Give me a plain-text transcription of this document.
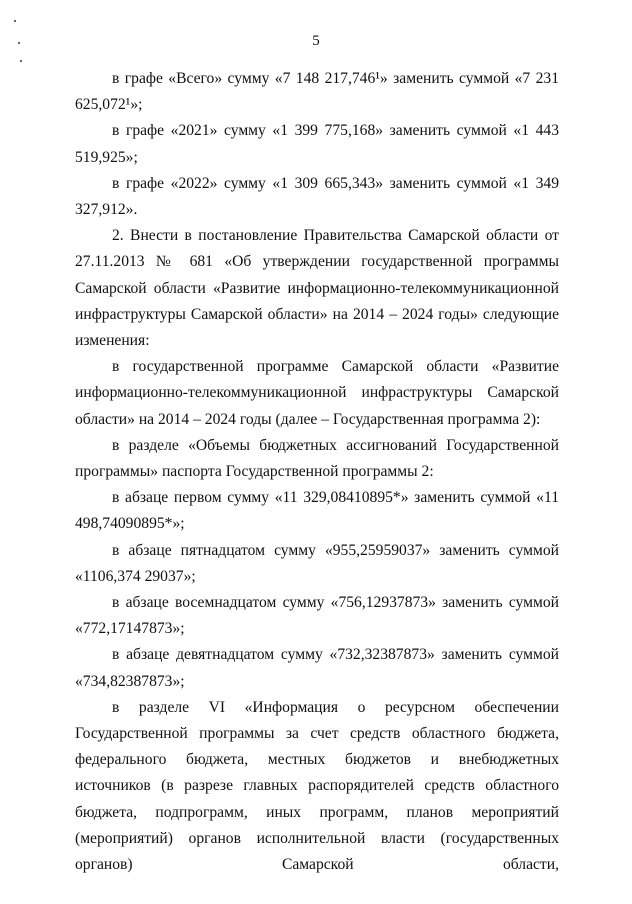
5

в графе «Всего» сумму «7 148 217,746¹» заменить суммой «7 231 625,072¹»;

в графе «2021» сумму «1 399 775,168» заменить суммой «1 443 519,925»;

в графе «2022» сумму «1 309 665,343» заменить суммой «1 349 327,912».

2. Внести в постановление Правительства Самарской области от 27.11.2013 № 681 «Об утверждении государственной программы Самарской области «Развитие информационно-телекоммуникационной инфраструктуры Самарской области» на 2014 – 2024 годы» следующие изменения:

в государственной программе Самарской области «Развитие информационно-телекоммуникационной инфраструктуры Самарской области» на 2014 – 2024 годы (далее – Государственная программа 2):

в разделе «Объемы бюджетных ассигнований Государственной программы» паспорта Государственной программы 2:

в абзаце первом сумму «11 329,08410895*» заменить суммой «11 498,74090895*»;

в абзаце пятнадцатом сумму «955,25959037» заменить суммой «1106,374 29037»;

в абзаце восемнадцатом сумму «756,12937873» заменить суммой «772,17147873»;

в абзаце девятнадцатом сумму «732,32387873» заменить суммой «734,82387873»;

в разделе VI «Информация о ресурсном обеспечении Государственной программы за счет средств областного бюджета, федерального бюджета, местных бюджетов и внебюджетных источников (в разрезе главных распорядителей средств областного бюджета, подпрограмм, иных программ, планов мероприятий (мероприятий) органов исполнительной власти (государственных органов) Самарской области,
